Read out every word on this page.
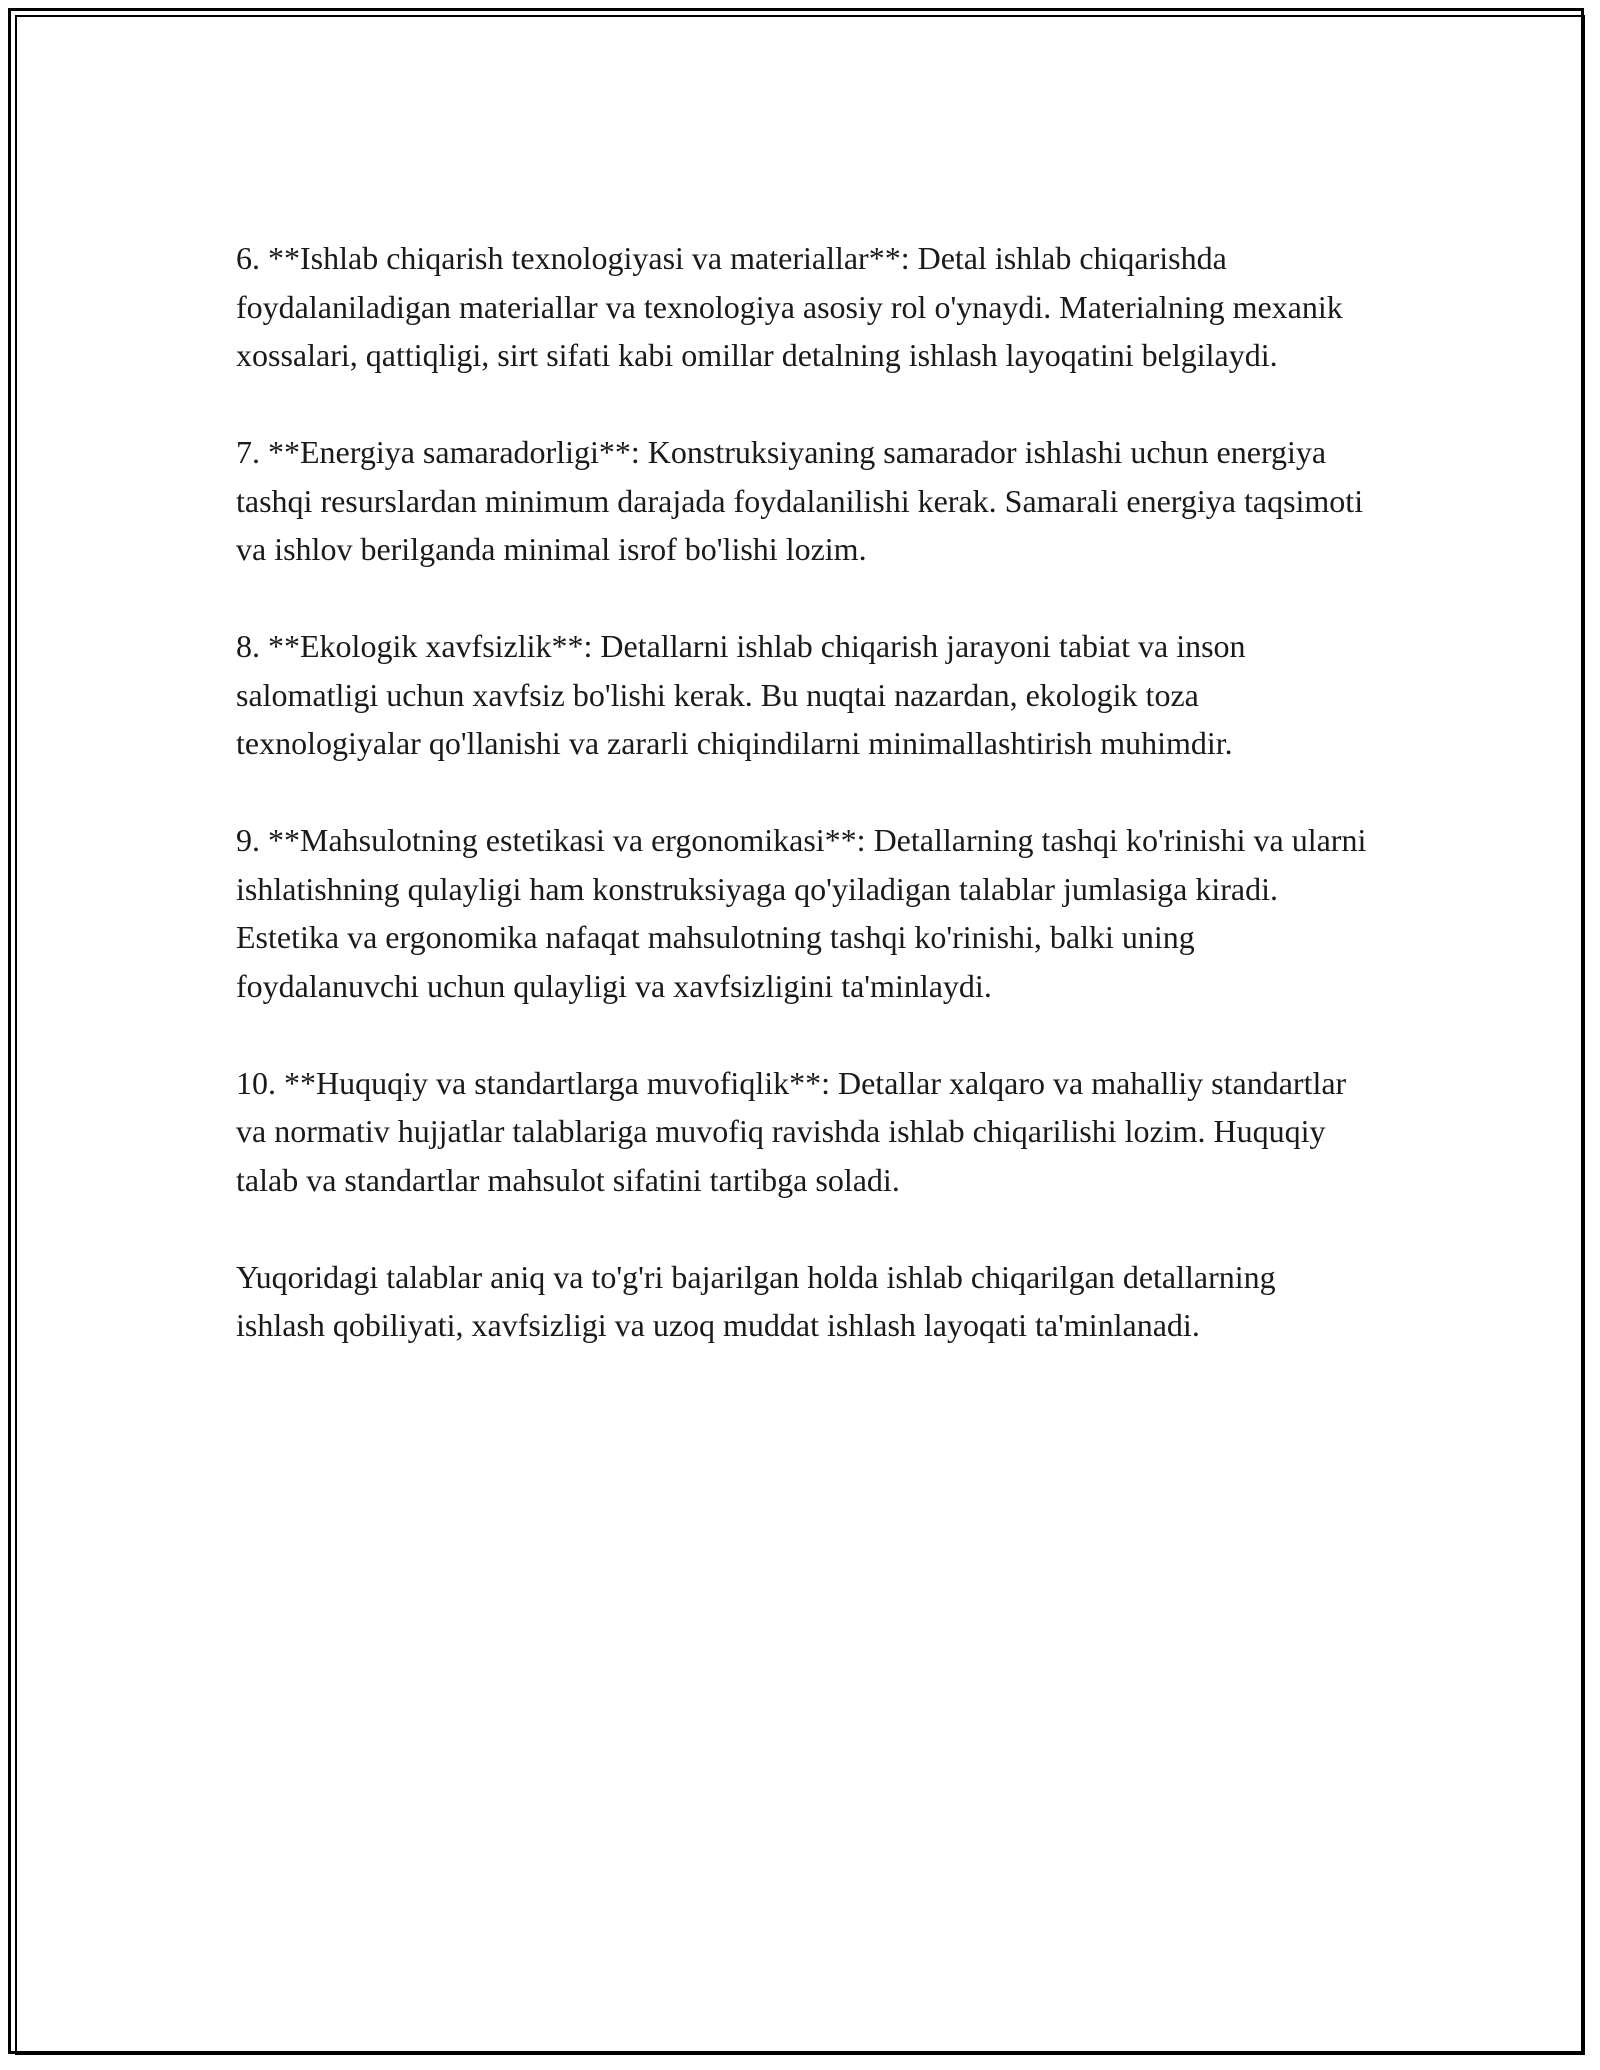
6. **Ishlab chiqarish texnologiyasi va materiallar**: Detal ishlab chiqarishda foydalaniladigan materiallar va texnologiya asosiy rol o'ynaydi. Materialning mexanik xossalari, qattiqligi, sirt sifati kabi omillar detalning ishlash layoqatini belgilaydi.

7. **Energiya samaradorligi**: Konstruksiyaning samarador ishlashi uchun energiya tashqi resurslardan minimum darajada foydalanilishi kerak. Samarali energiya taqsimoti va ishlov berilganda minimal isrof bo'lishi lozim.

8. **Ekologik xavfsizlik**: Detallarni ishlab chiqarish jarayoni tabiat va inson salomatligi uchun xavfsiz bo'lishi kerak. Bu nuqtai nazardan, ekologik toza texnologiyalar qo'llanishi va zararli chiqindilarni minimallashtirish muhimdir.

9. **Mahsulotning estetikasi va ergonomikasi**: Detallarning tashqi ko'rinishi va ularni ishlatishning qulayligi ham konstruksiyaga qo'yiladigan talablar jumlasiga kiradi. Estetika va ergonomika nafaqat mahsulotning tashqi ko'rinishi, balki uning foydalanuvchi uchun qulayligi va xavfsizligini ta'minlaydi.

10. **Huquqiy va standartlarga muvofiqlik**: Detallar xalqaro va mahalliy standartlar va normativ hujjatlar talablariga muvofiq ravishda ishlab chiqarilishi lozim. Huquqiy talab va standartlar mahsulot sifatini tartibga soladi.

Yuqoridagi talablar aniq va to'g'ri bajarilgan holda ishlab chiqarilgan detallarning ishlash qobiliyati, xavfsizligi va uzoq muddat ishlash layoqati ta'minlanadi.
